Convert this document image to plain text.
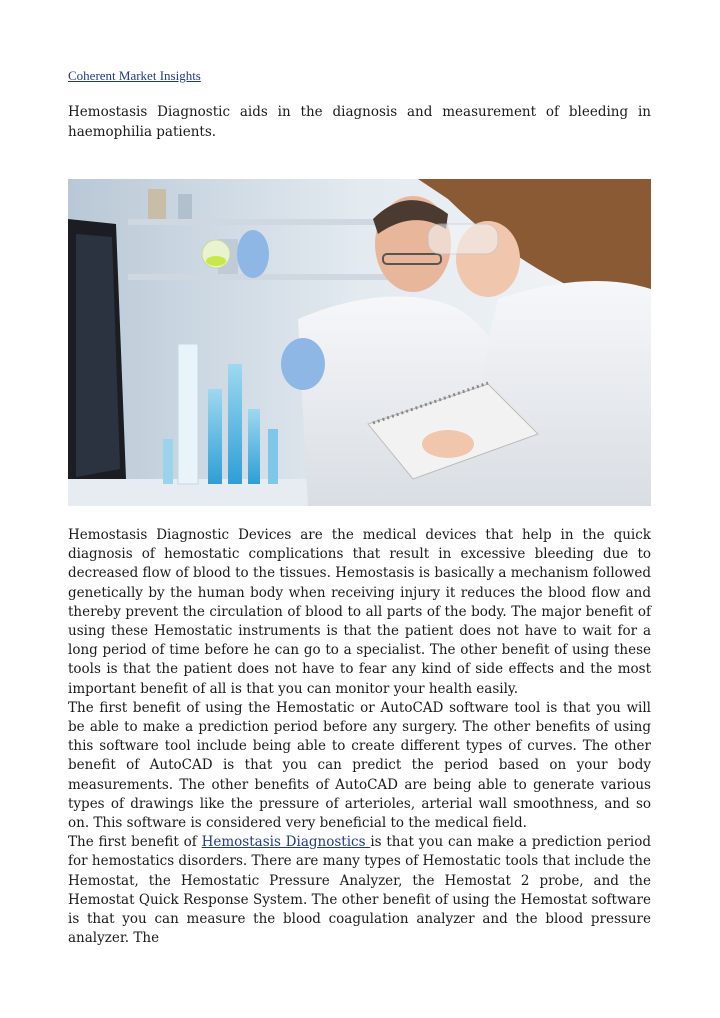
Coherent Market Insights
Hemostasis Diagnostic aids in the diagnosis and measurement of bleeding in haemophilia patients.

Hemostasis Diagnostic Devices are the medical devices that help in the quick diagnosis of hemostatic complications that result in excessive bleeding due to decreased flow of blood to the tissues. Hemostasis is basically a mechanism followed genetically by the human body when receiving injury it reduces the blood flow and thereby prevent the circulation of blood to all parts of the body. The major benefit of using these Hemostatic instruments is that the patient does not have to wait for a long period of time before he can go to a specialist. The other benefit of using these tools is that the patient does not have to fear any kind of side effects and the most important benefit of all is that you can monitor your health easily.

The first benefit of using the Hemostatic or AutoCAD software tool is that you will be able to make a prediction period before any surgery. The other benefits of using this software tool include being able to create different types of curves. The other benefit of AutoCAD is that you can predict the period based on your body measurements. The other benefits of AutoCAD are being able to generate various types of drawings like the pressure of arterioles, arterial wall smoothness, and so on. This software is considered very beneficial to the medical field.

The first benefit of Hemostasis Diagnostics is that you can make a prediction period for hemostatics disorders. There are many types of Hemostatic tools that include the Hemostat, the Hemostatic Pressure Analyzer, the Hemostat 2 probe, and the Hemostat Quick Response System. The other benefit of using the Hemostat software is that you can measure the blood coagulation analyzer and the blood pressure analyzer. The
